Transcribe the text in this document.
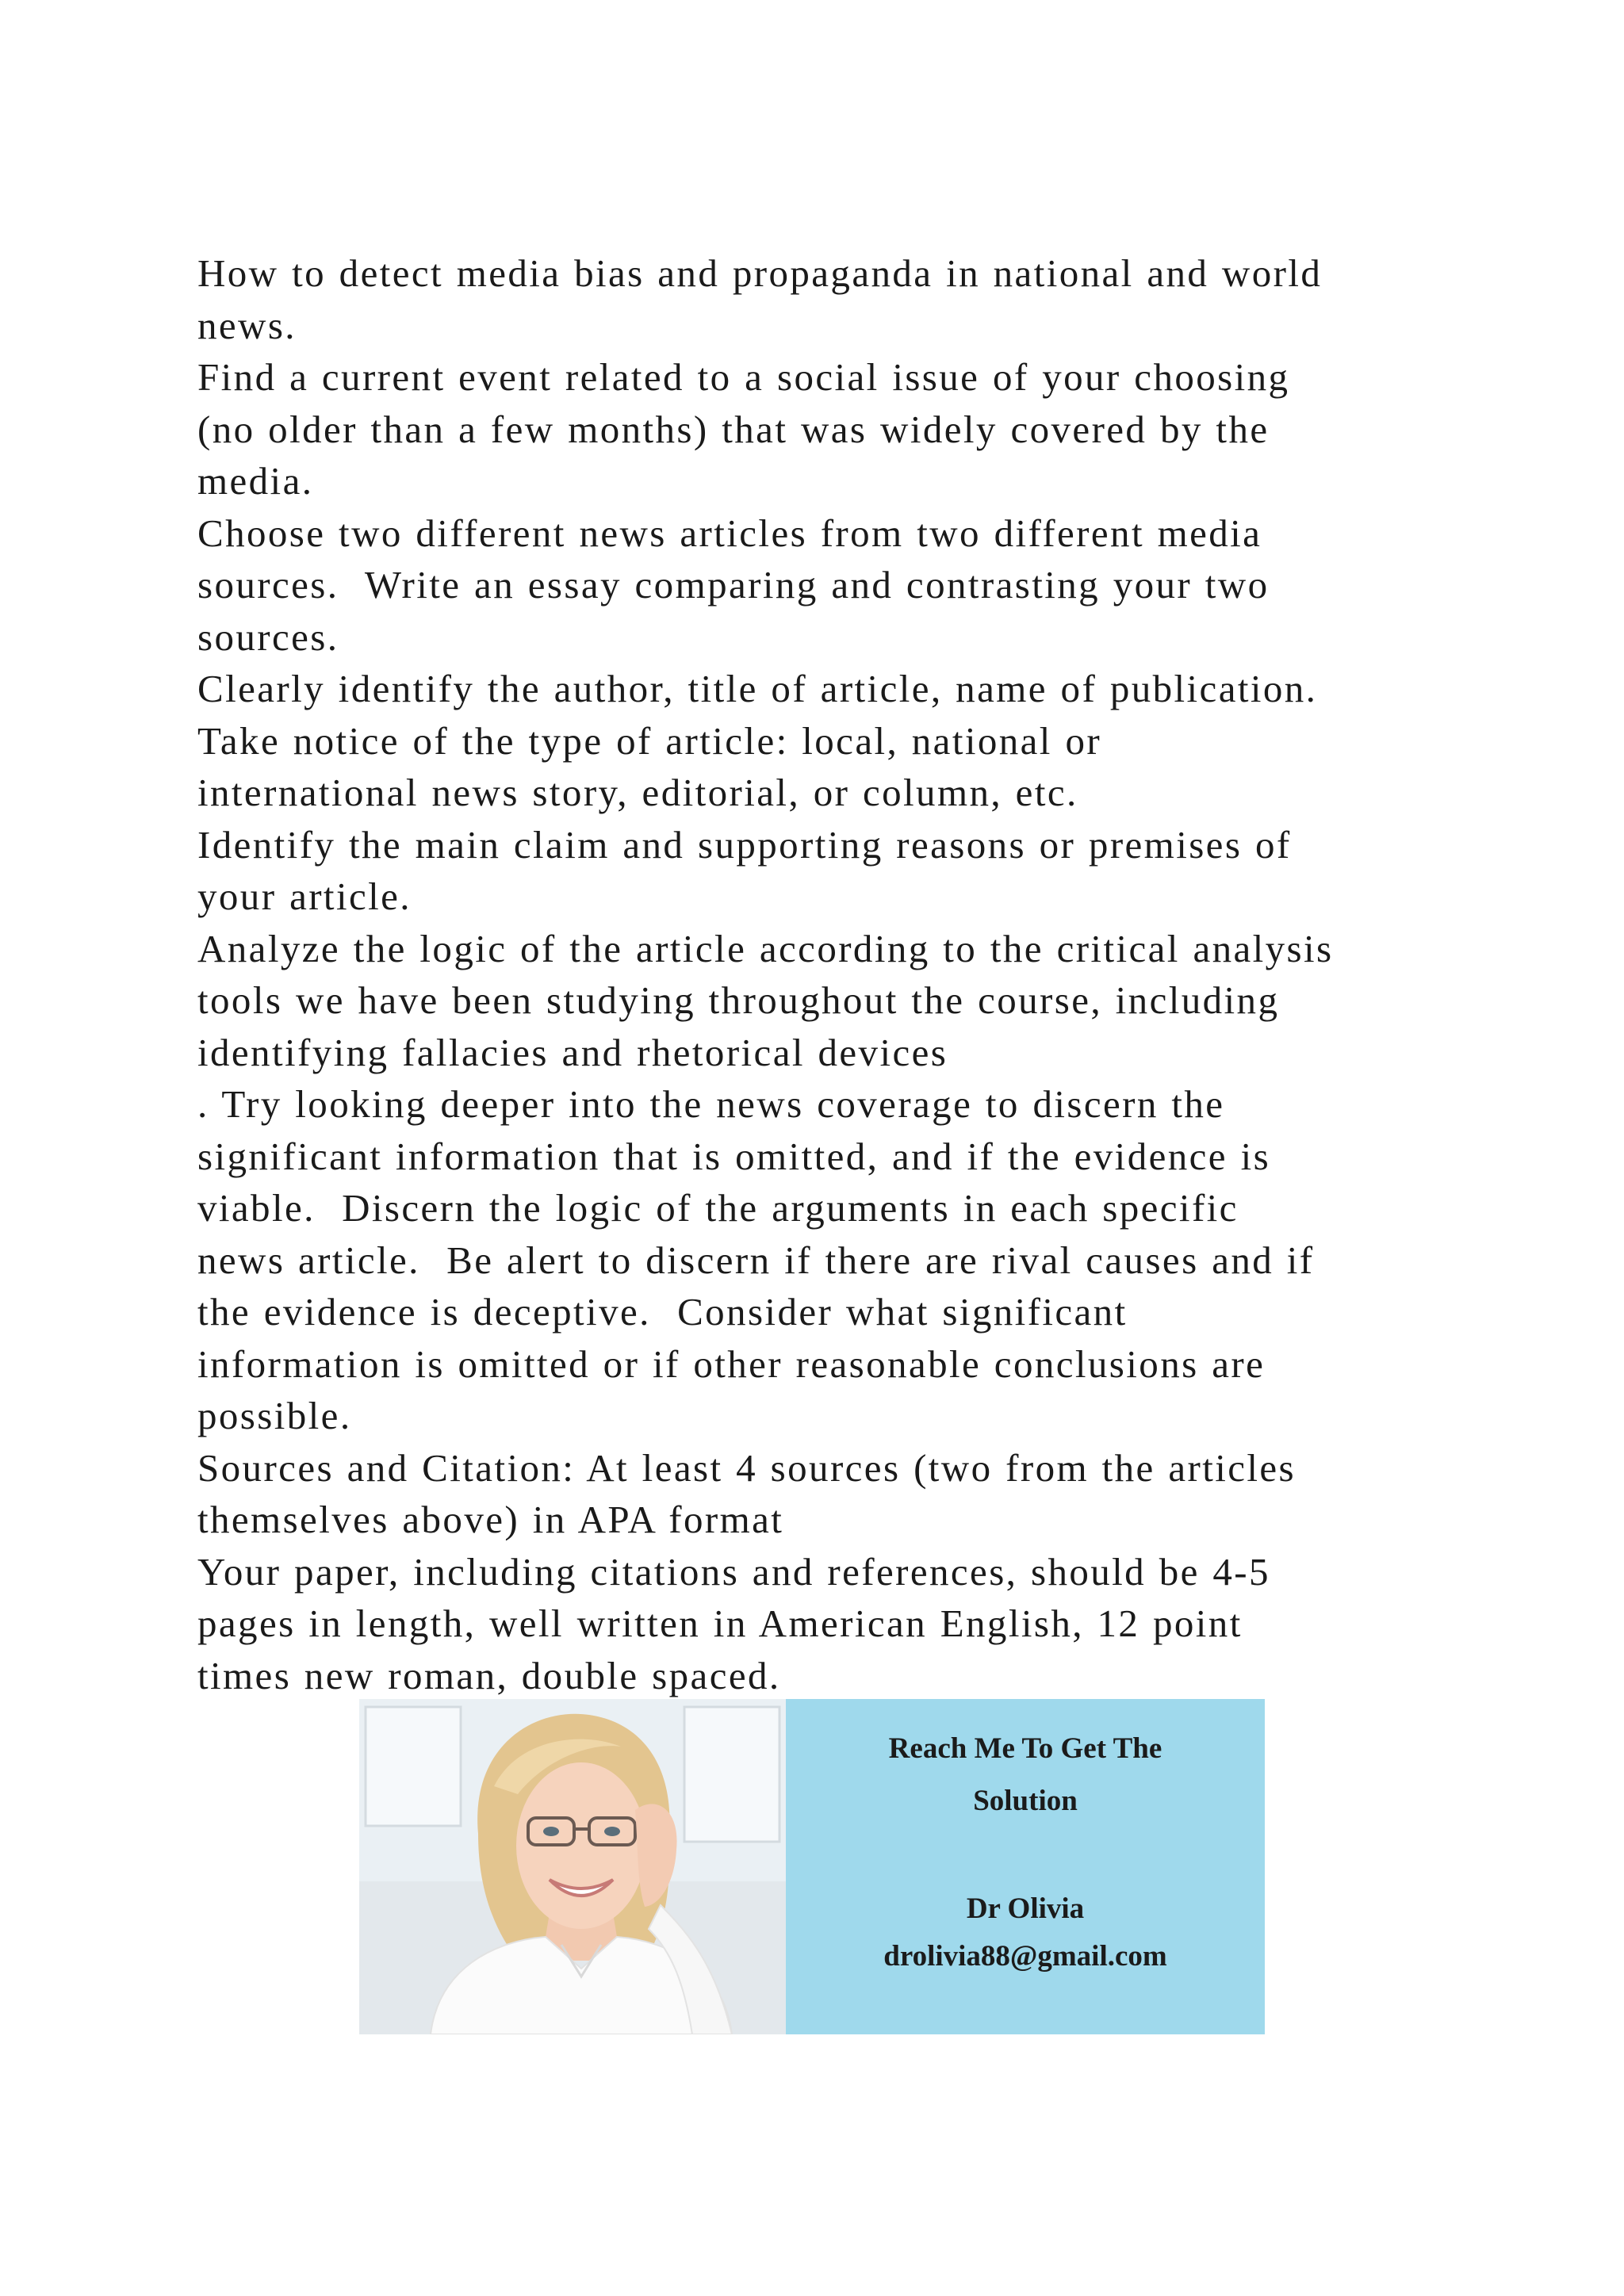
How to detect media bias and propaganda in national and world
news.
Find a current event related to a social issue of your choosing
(no older than a few months) that was widely covered by the
media.
Choose two different news articles from two different media
sources.  Write an essay comparing and contrasting your two
sources.
Clearly identify the author, title of article, name of publication.
Take notice of the type of article: local, national or
international news story, editorial, or column, etc.
Identify the main claim and supporting reasons or premises of
your article.
Analyze the logic of the article according to the critical analysis
tools we have been studying throughout the course, including
identifying fallacies and rhetorical devices
. Try looking deeper into the news coverage to discern the
significant information that is omitted, and if the evidence is
viable.  Discern the logic of the arguments in each specific
news article.  Be alert to discern if there are rival causes and if
the evidence is deceptive.  Consider what significant
information is omitted or if other reasonable conclusions are
possible.
Sources and Citation: At least 4 sources (two from the articles
themselves above) in APA format
Your paper, including citations and references, should be 4-5
pages in length, well written in American English, 12 point
times new roman, double spaced.
Reach Me To Get The
Solution
Dr Olivia
drolivia88@gmail.com
